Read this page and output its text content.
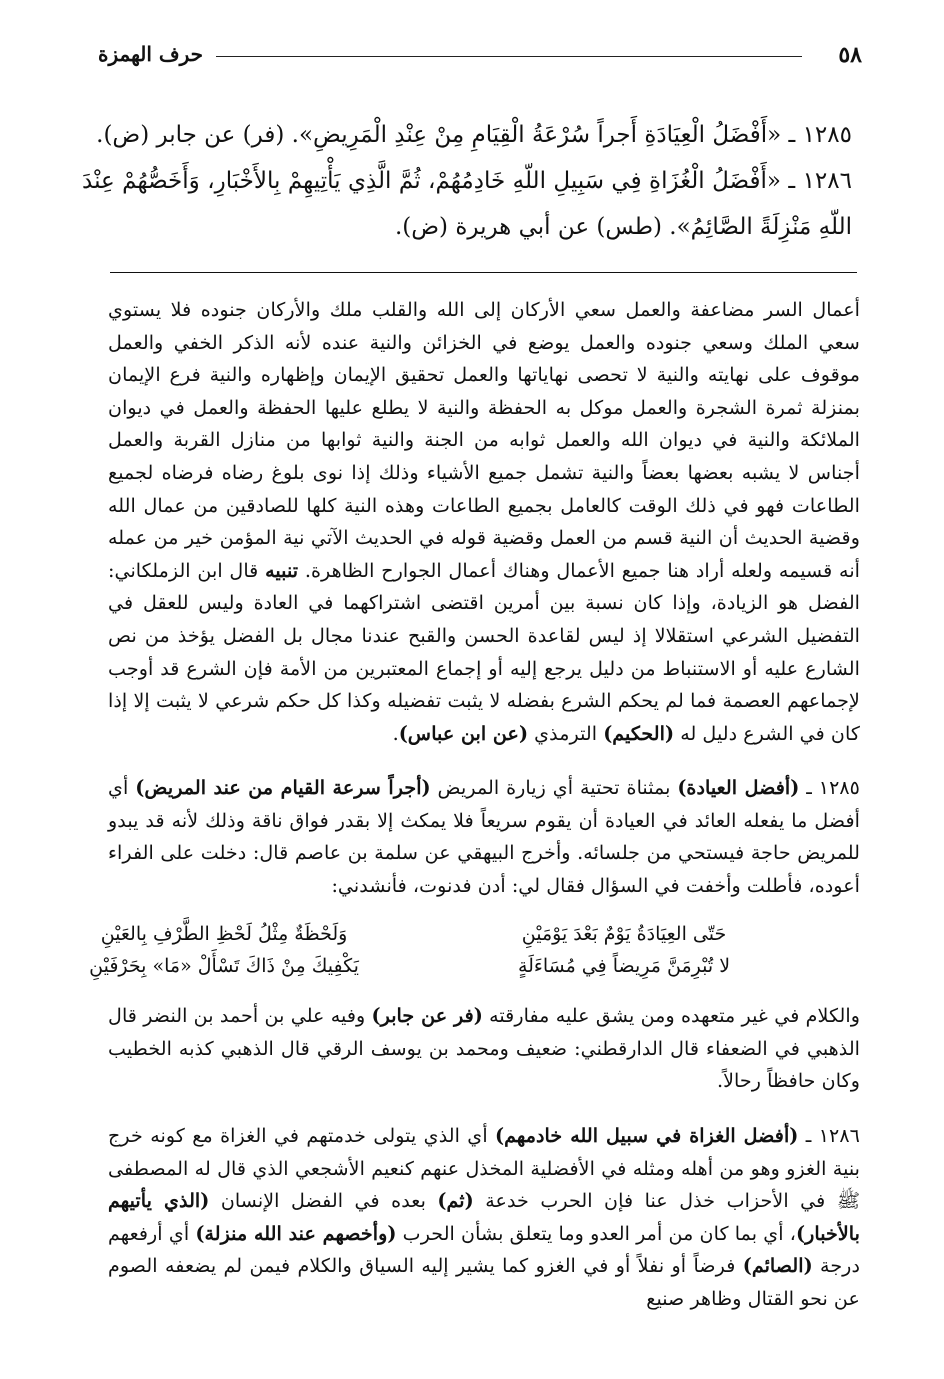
٥٨
حرف الهمزة
١٢٨٥ ـ «أَفْضَلُ الْعِيَادَةِ أَجراً سُرْعَةُ الْقِيَامِ مِنْ عِنْدِ الْمَرِيضِ». (فر) عن جابر (ض).
١٢٨٦ ـ «أَفْضَلُ الْغُزَاةِ فِي سَبِيلِ اللّهِ خَادِمُهُمْ، ثُمَّ الَّذِي يَأْتِيهِمْ بِالأَخْبَارِ، وَأَخَصُّهُمْ عِنْدَ اللّهِ مَنْزِلَةً الصَّائِمُ». (طس) عن أبي هريرة (ض).
أعمال السر مضاعفة والعمل سعي الأركان إلى الله والقلب ملك والأركان جنوده فلا يستوي سعي الملك وسعي جنوده والعمل يوضع في الخزائن والنية عنده لأنه الذكر الخفي والعمل موقوف على نهايته والنية لا تحصى نهاياتها والعمل تحقيق الإيمان وإظهاره والنية فرع الإيمان بمنزلة ثمرة الشجرة والعمل موكل به الحفظة والنية لا يطلع عليها الحفظة والعمل في ديوان الملائكة والنية في ديوان الله والعمل ثوابه من الجنة والنية ثوابها من منازل القربة والعمل أجناس لا يشبه بعضها بعضاً والنية تشمل جميع الأشياء وذلك إذا نوى بلوغ رضاه فرضاه لجميع الطاعات فهو في ذلك الوقت كالعامل بجميع الطاعات وهذه النية كلها للصادقين من عمال الله وقضية الحديث أن النية قسم من العمل وقضية قوله في الحديث الآتي نية المؤمن خير من عمله أنه قسيمه ولعله أراد هنا جميع الأعمال وهناك أعمال الجوارح الظاهرة. تنبيه قال ابن الزملكاني: الفضل هو الزيادة، وإذا كان نسبة بين أمرين اقتضى اشتراكهما في العادة وليس للعقل في التفضيل الشرعي استقلالا إذ ليس لقاعدة الحسن والقبح عندنا مجال بل الفضل يؤخذ من نص الشارع عليه أو الاستنباط من دليل يرجع إليه أو إجماع المعتبرين من الأمة فإن الشرع قد أوجب لإجماعهم العصمة فما لم يحكم الشرع بفضله لا يثبت تفضيله وكذا كل حكم شرعي لا يثبت إلا إذا كان في الشرع دليل له (الحكيم) الترمذي (عن ابن عباس).
١٢٨٥ ـ (أفضل العيادة) بمثناة تحتية أي زيارة المريض (أجراً سرعة القيام من عند المريض) أي أفضل ما يفعله العائد في العيادة أن يقوم سريعاً فلا يمكث إلا بقدر فواق ناقة وذلك لأنه قد يبدو للمريض حاجة فيستحي من جلسائه. وأخرج البيهقي عن سلمة بن عاصم قال: دخلت على الفراء أعوده، فأطلت وأخفت في السؤال فقال لي: أدن فدنوت، فأنشدني:
حَتّى العِيَادَةُ يَوْمٌ بَعْدَ يَوْمَيْنِ
وَلَحْظَةٌ مِثْلُ لَحْظِ الطَّرْفِ بِالعَيْنِ
لا تُبْرِمَنَّ مَرِيضاً فِي مُسَاءَلَةٍ
يَكْفِيكَ مِنْ ذَاكَ تَسْأَلْ «مَا» بِحَرْفَيْنِ
والكلام في غير متعهده ومن يشق عليه مفارقته (فر عن جابر) وفيه علي بن أحمد بن النضر قال الذهبي في الضعفاء قال الدارقطني: ضعيف ومحمد بن يوسف الرقي قال الذهبي كذبه الخطيب وكان حافظاً رحالاً.
١٢٨٦ ـ (أفضل الغزاة في سبيل الله خادمهم) أي الذي يتولى خدمتهم في الغزاة مع كونه خرج بنية الغزو وهو من أهله ومثله في الأفضلية المخذل عنهم كنعيم الأشجعي الذي قال له المصطفى ﷺ في الأحزاب خذل عنا فإن الحرب خدعة (ثم) بعده في الفضل الإنسان (الذي يأتيهم بالأخبار)، أي بما كان من أمر العدو وما يتعلق بشأن الحرب (وأخصهم عند الله منزلة) أي أرفعهم درجة (الصائم) فرضاً أو نفلاً أو في الغزو كما يشير إليه السياق والكلام فيمن لم يضعفه الصوم عن نحو القتال وظاهر صنيع
